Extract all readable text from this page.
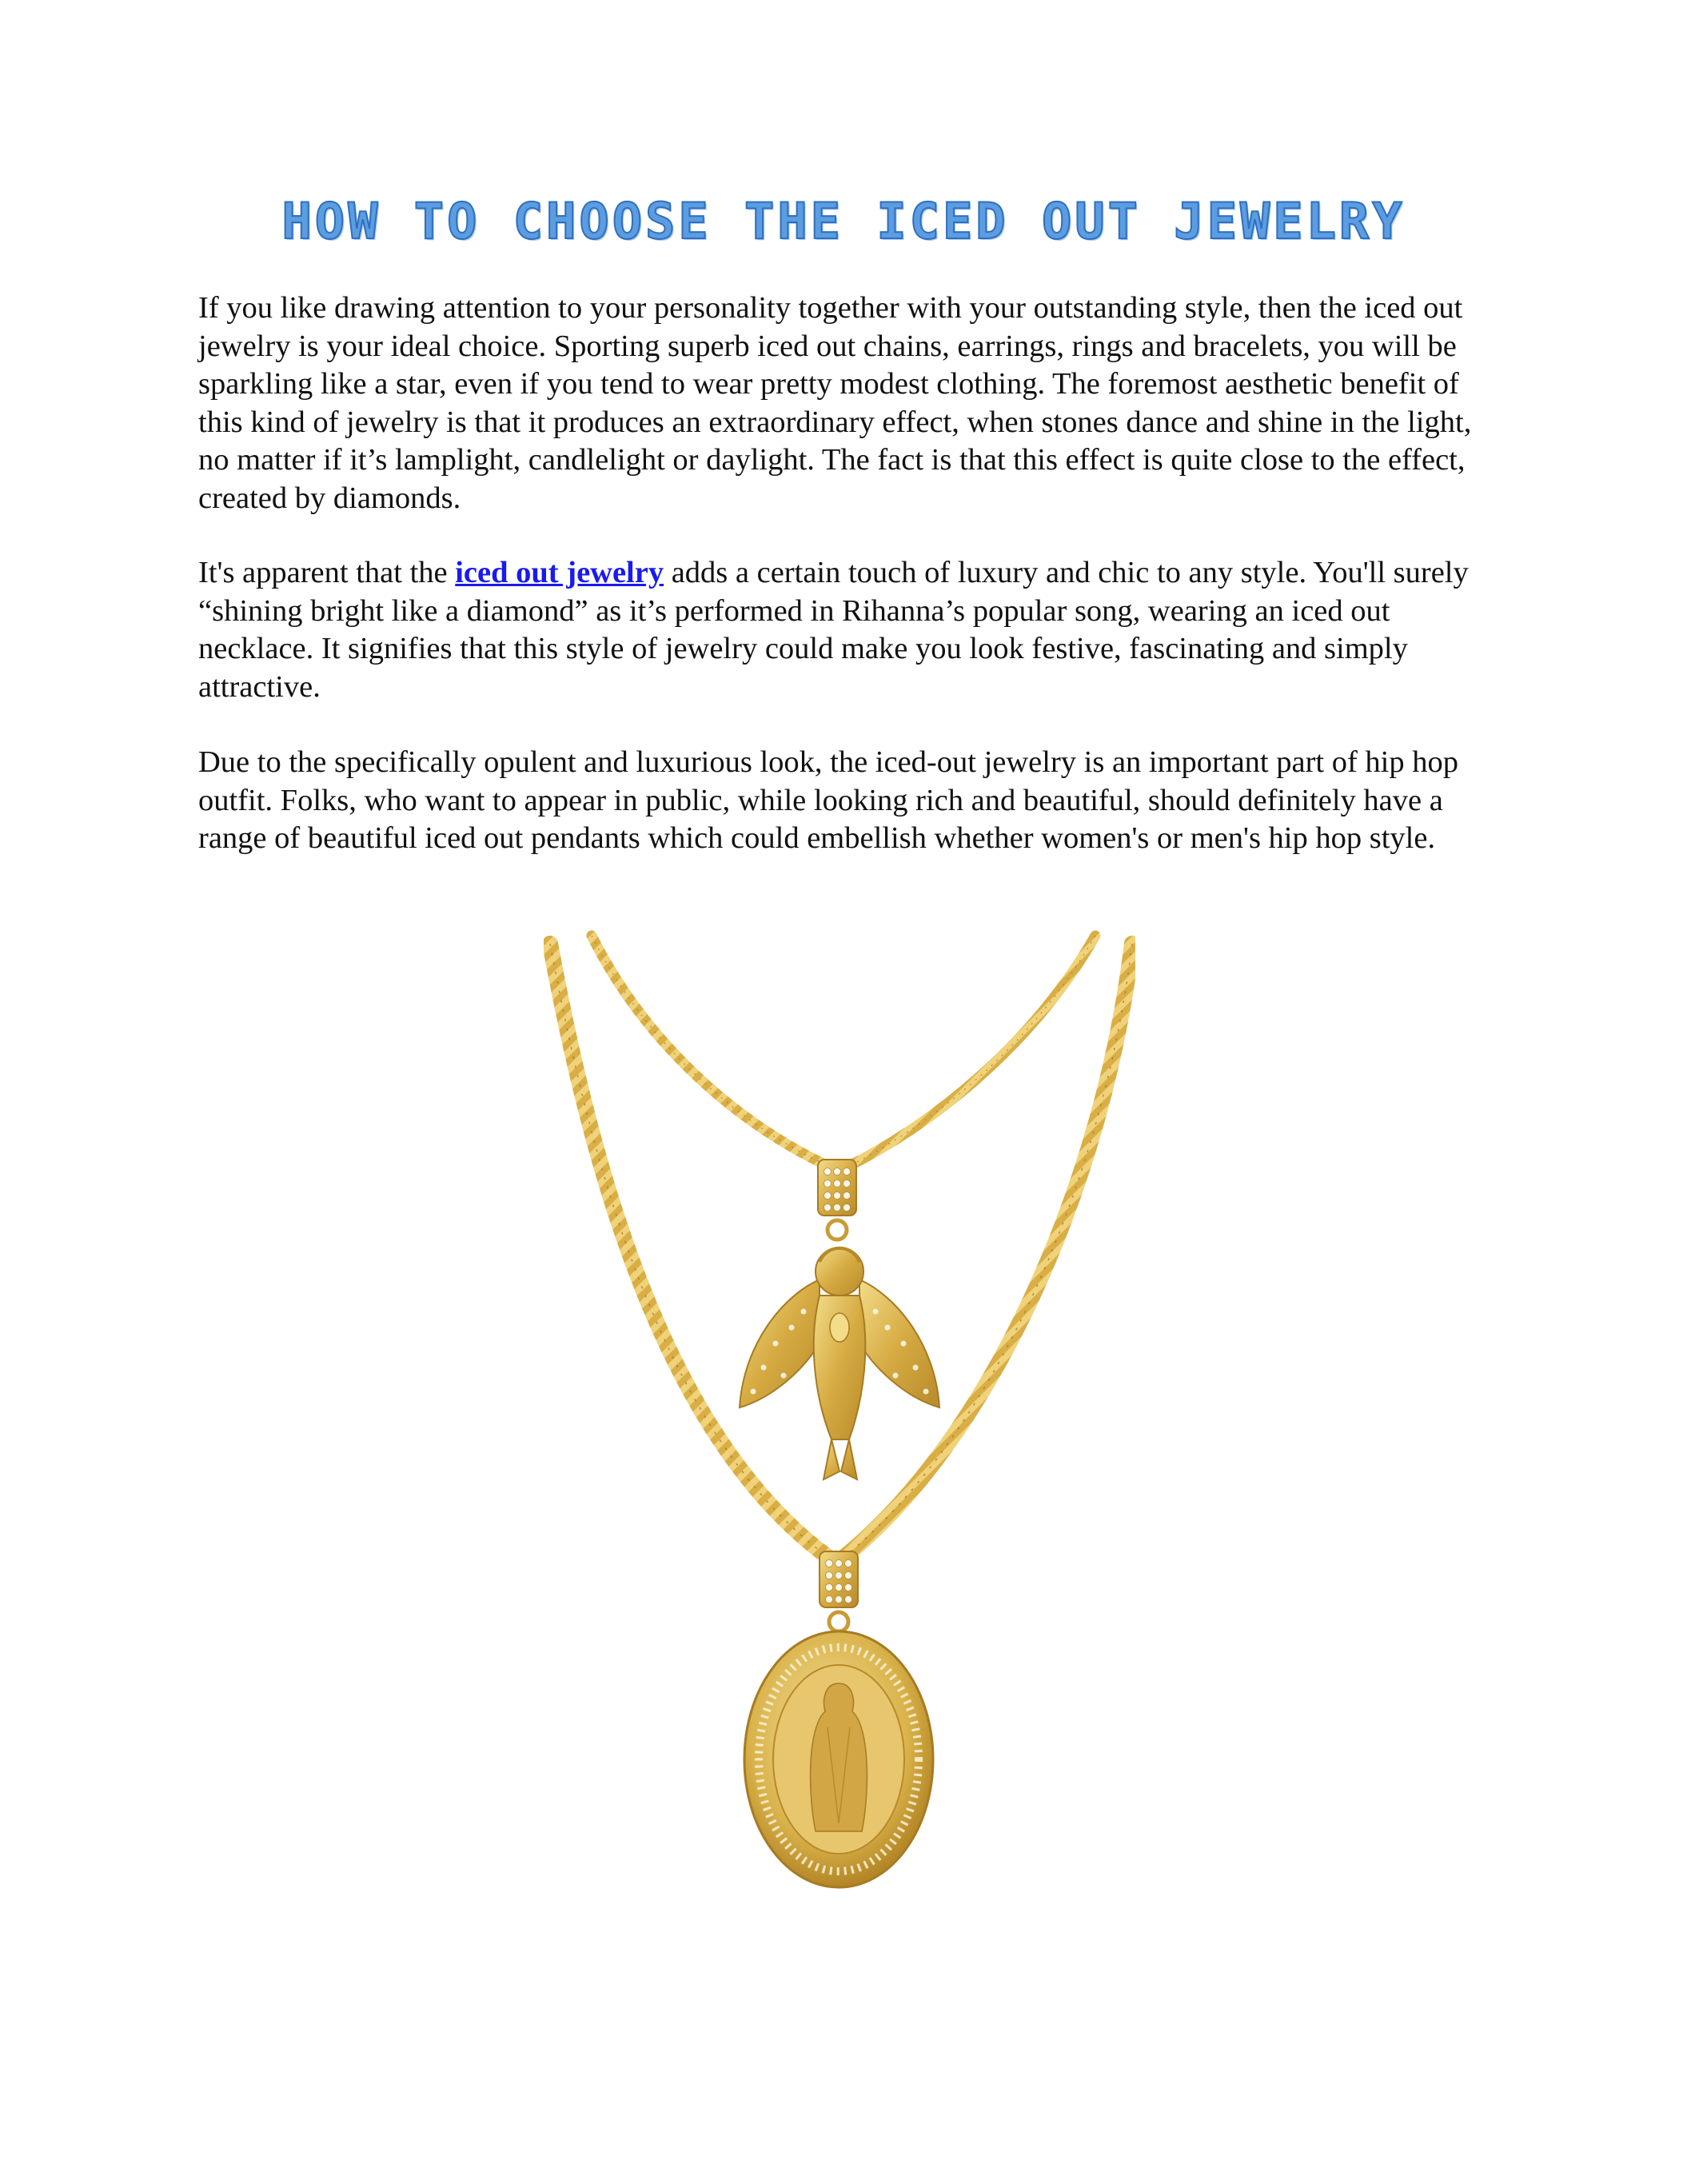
HOW TO CHOOSE THE ICED OUT JEWELRY

If you like drawing attention to your personality together with your outstanding style, then the iced out jewelry is your ideal choice. Sporting superb iced out chains, earrings, rings and bracelets, you will be sparkling like a star, even if you tend to wear pretty modest clothing. The foremost aesthetic benefit of this kind of jewelry is that it produces an extraordinary effect, when stones dance and shine in the light, no matter if it’s lamplight, candlelight or daylight. The fact is that this effect is quite close to the effect, created by diamonds.

It's apparent that the iced out jewelry adds a certain touch of luxury and chic to any style. You'll surely “shining bright like a diamond” as it’s performed in Rihanna’s popular song, wearing an iced out necklace. It signifies that this style of jewelry could make you look festive, fascinating and simply attractive.

Due to the specifically opulent and luxurious look, the iced-out jewelry is an important part of hip hop outfit. Folks, who want to appear in public, while looking rich and beautiful, should definitely have a range of beautiful iced out pendants which could embellish whether women's or men's hip hop style.
